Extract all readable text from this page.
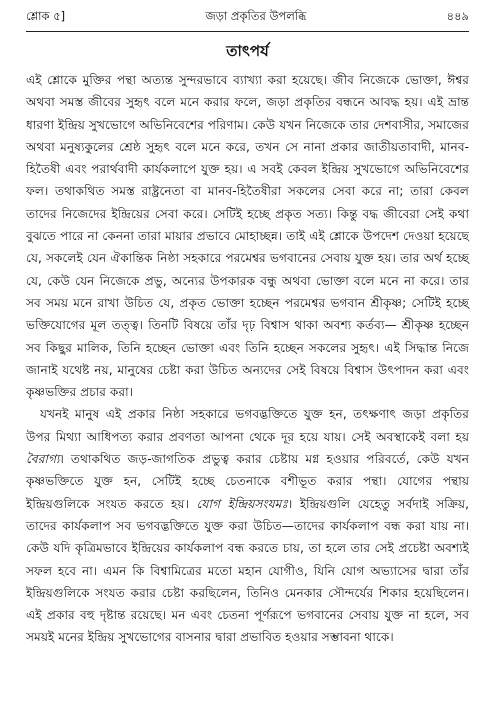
শ্লোক ৫]	জড়া প্রকৃতির উপলব্ধি	৪৪৯
তাৎপর্য

এই শ্লোকে মুক্তির পন্থা অত্যন্ত সুন্দরভাবে ব্যাখ্যা করা হয়েছে। জীব নিজেকে ভোক্তা, ঈশ্বর অথবা সমস্ত জীবের সুহৃৎ বলে মনে করার ফলে, জড়া প্রকৃতির বন্ধনে আবদ্ধ হয়। এই ভ্রান্ত ধারণা ইন্দ্রিয় সুখভোগে অভিনিবেশের পরিণাম। কেউ যখন নিজেকে তার দেশবাসীর, সমাজের অথবা মনুষ্যকুলের শ্রেষ্ঠ সুহৃৎ বলে মনে করে, তখন সে নানা প্রকার জাতীয়তাবাদী, মানব-হিতৈষী এবং পরার্থবাদী কার্যকলাপে যুক্ত হয়। এ সবই কেবল ইন্দ্রিয় সুখভোগে অভিনিবেশের ফল। তথাকথিত সমস্ত রাষ্ট্রনেতা বা মানব-হিতৈষীরা সকলের সেবা করে না; তারা কেবল তাদের নিজেদের ইন্দ্রিয়ের সেবা করে। সেটিই হচ্ছে প্রকৃত সত্য। কিন্তু বদ্ধ জীবেরা সেই কথা বুঝতে পারে না কেননা তারা মায়ার প্রভাবে মোহাচ্ছন্ন। তাই এই শ্লোকে উপদেশ দেওয়া হয়েছে যে, সকলেই যেন ঐকান্তিক নিষ্ঠা সহকারে পরমেশ্বর ভগবানের সেবায় যুক্ত হয়। তার অর্থ হচ্ছে যে, কেউ যেন নিজেকে প্রভু, অন্যের উপকারক বন্ধু অথবা ভোক্তা বলে মনে না করে। তার সব সময় মনে রাখা উচিত যে, প্রকৃত ভোক্তা হচ্ছেন পরমেশ্বর ভগবান শ্রীকৃষ্ণ; সেটিই হচ্ছে ভক্তিযোগের মূল তত্ত্ব। তিনটি বিষয়ে তাঁর দৃঢ় বিশ্বাস থাকা অবশ্য কর্তব্য— শ্রীকৃষ্ণ হচ্ছেন সব কিছুর মালিক, তিনি হচ্ছেন ভোক্তা এবং তিনি হচ্ছেন সকলের সুহৃৎ। এই সিদ্ধান্ত নিজে জানাই যথেষ্ট নয়, মানুষের চেষ্টা করা উচিত অন্যদের সেই বিষয়ে বিশ্বাস উৎপাদন করা এবং কৃষ্ণভক্তির প্রচার করা।

যখনই মানুষ এই প্রকার নিষ্ঠা সহকারে ভগবদ্ভক্তিতে যুক্ত হন, তৎক্ষণাৎ জড়া প্রকৃতির উপর মিথ্যা আধিপত্য করার প্রবণতা আপনা থেকে দূর হয়ে যায়। সেই অবস্থাকেই বলা হয় বৈরাগ্য। তথাকথিত জড়-জাগতিক প্রভুত্ব করার চেষ্টায় মগ্ন হওয়ার পরিবর্তে, কেউ যখন কৃষ্ণভক্তিতে যুক্ত হন, সেটিই হচ্ছে চেতনাকে বশীভূত করার পন্থা। যোগের পন্থায় ইন্দ্রিয়গুলিকে সংযত করতে হয়। যোগ ইন্দ্রিয়সংযমঃ। ইন্দ্রিয়গুলি যেহেতু সর্বদাই সক্রিয়, তাদের কার্যকলাপ সব ভগবদ্ভক্তিতে যুক্ত করা উচিত—তাদের কার্যকলাপ বন্ধ করা যায় না। কেউ যদি কৃত্রিমভাবে ইন্দ্রিয়ের কার্যকলাপ বন্ধ করতে চায়, তা হলে তার সেই প্রচেষ্টা অবশ্যই সফল হবে না। এমন কি বিশ্বামিত্রের মতো মহান যোগীও, যিনি যোগ অভ্যাসের দ্বারা তাঁর ইন্দ্রিয়গুলিকে সংযত করার চেষ্টা করছিলেন, তিনিও মেনকার সৌন্দর্যের শিকার হয়েছিলেন। এই প্রকার বহু দৃষ্টান্ত রয়েছে। মন এবং চেতনা পূর্ণরূপে ভগবানের সেবায় যুক্ত না হলে, সব সময়ই মনের ইন্দ্রিয় সুখভোগের বাসনার দ্বারা প্রভাবিত হওয়ার সম্ভাবনা থাকে।
